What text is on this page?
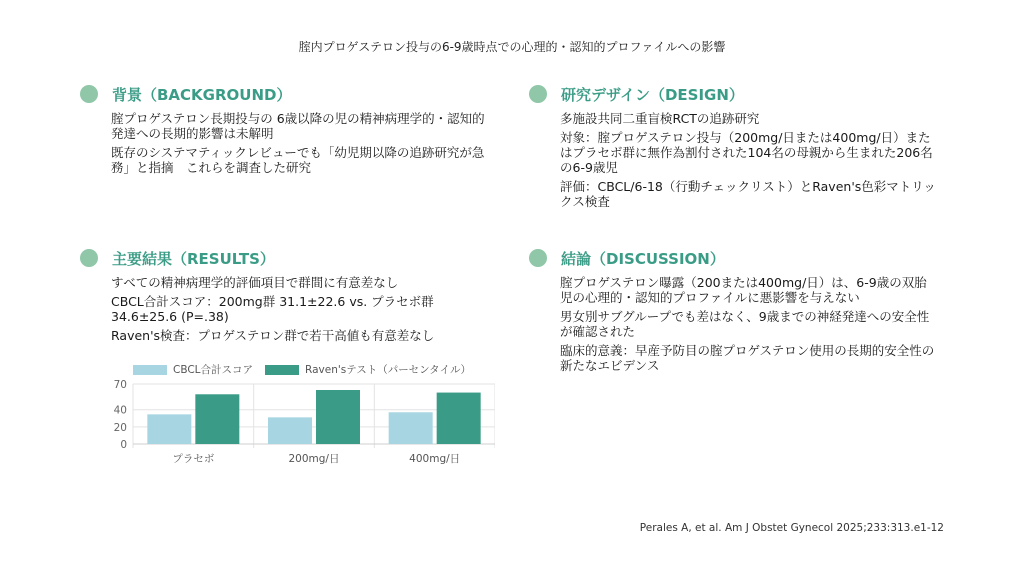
腟内プロゲステロン投与の6-9歳時点での心理的・認知的プロファイルへの影響
背景（BACKGROUND）
腟プロゲステロン長期投与の 6歳以降の児の精神病理学的・認知的発達への長期的影響は未解明
既存のシステマティックレビューでも「幼児期以降の追跡研究が急務」と指摘　これらを調査した研究
研究デザイン（DESIGN）
多施設共同二重盲検RCTの追跡研究
対象：腟プロゲステロン投与（200mg/日または400mg/日）またはプラセボ群に無作為割付された104名の母親から生まれた206名の6-9歳児
評価：CBCL/6-18（行動チェックリスト）とRaven's色彩マトリックス検査
主要結果（RESULTS）
すべての精神病理学的評価項目で群間に有意差なし
CBCL合計スコア：200mg群 31.1±22.6 vs. プラセボ群 34.6±25.6 (P=.38)
Raven's検査：プロゲステロン群で若干高値も有意差なし
結論（DISCUSSION）
腟プロゲステロン曝露（200または400mg/日）は、6-9歳の双胎児の心理的・認知的プロファイルに悪影響を与えない
男女別サブグループでも差はなく、9歳までの神経発達への安全性が確認された
臨床的意義：早産予防目の腟プロゲステロン使用の長期的安全性の新たなエビデンス
0
20
40
70
プラセボ	200mg/日	400mg/日
CBCL合計スコア	Raven'sテスト（パーセンタイル）
Perales A, et al. Am J Obstet Gynecol 2025;233:313.e1-12
